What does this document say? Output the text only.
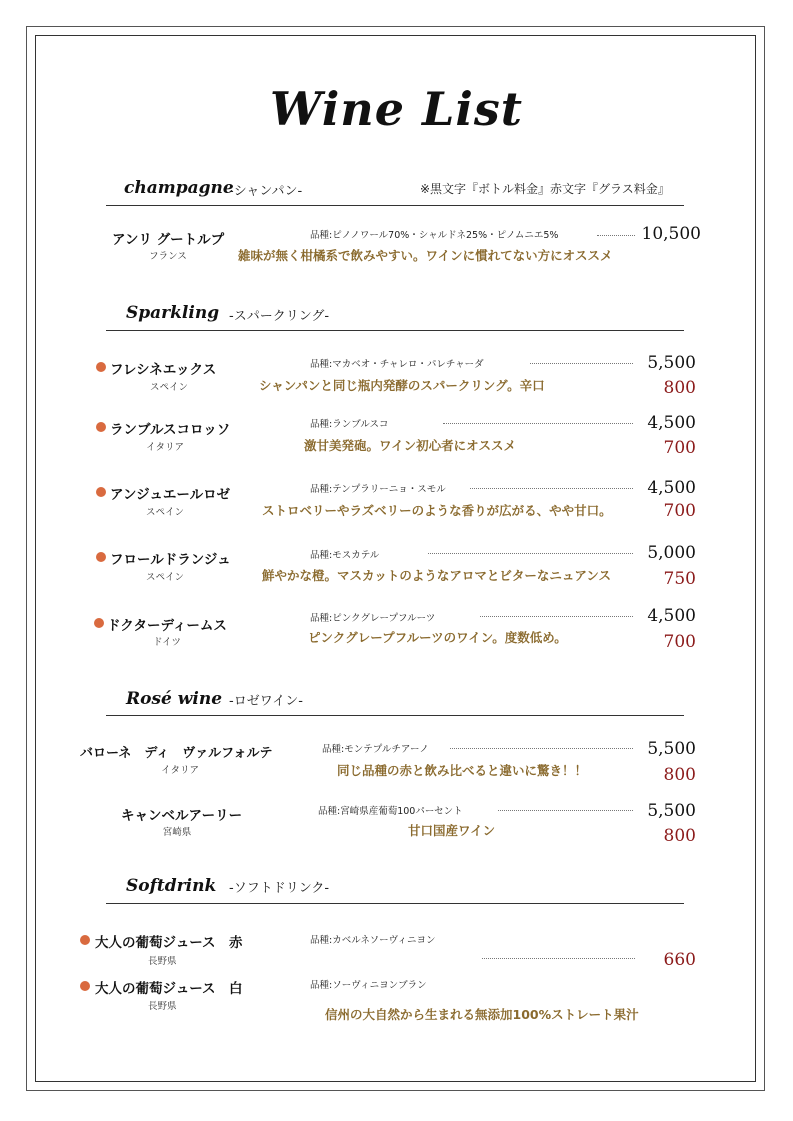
Wine List
champagne
-シャンパン-	※黒文字『ボトル料金』赤文字『グラス料金』
アンリ グートルプ
フランス
品種:ピノノワール70%・シャルドネ25%・ピノムニエ5%
雑味が無く柑橘系で飲みやすい。ワインに慣れてない方にオススメ
10,500
Sparkling -スパークリング-
フレシネエックス
スペイン
品種:マカベオ・チャレロ・パレチャーダ
シャンパンと同じ瓶内発酵のスパークリング。辛口
5,500
800
ランブルスコロッソ
イタリア
品種:ランブルスコ
激甘美発砲。ワイン初心者にオススメ
4,500
700
アンジュエールロゼ
スペイン
品種:テンプラリーニョ・スモル
ストロベリーやラズベリーのような香りが広がる、やや甘口。
4,500
700
フロールドランジュ
スペイン
品種:モスカテル
鮮やかな橙。マスカットのようなアロマとビターなニュアンス
5,000
750
ドクターディームス
ドイツ
品種:ピンクグレープフルーツ
ピンクグレープフルーツのワイン。度数低め。
4,500
700
Rosé wine -ロゼワイン-
バローネ　ディ　ヴァルフォルテ
イタリア
品種:モンテプルチアーノ
同じ品種の赤と飲み比べると違いに驚き！！
5,500
800
キャンベルアーリー
宮崎県
品種:宮崎県産葡萄100パーセント
甘口国産ワイン
5,500
800
Softdrink -ソフトドリンク-
大人の葡萄ジュース　赤
長野県
品種:カベルネソーヴィニヨン
660
大人の葡萄ジュース　白
長野県
品種:ソーヴィニヨンブラン
信州の大自然から生まれる無添加100%ストレート果汁
